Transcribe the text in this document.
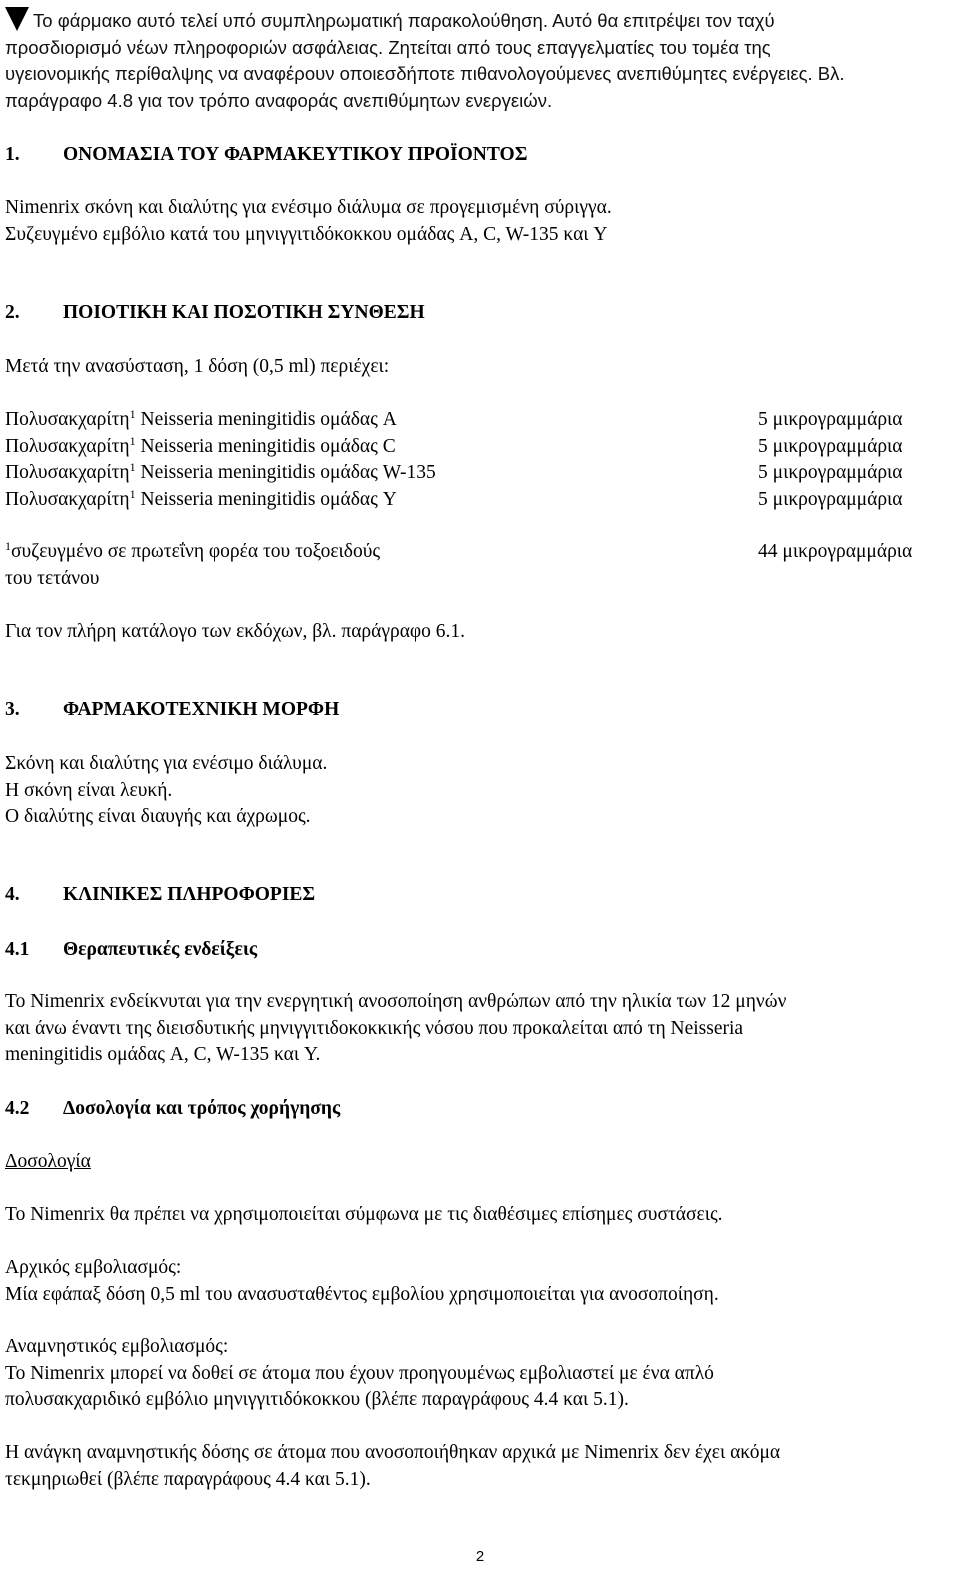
Το φάρμακο αυτό τελεί υπό συμπληρωματική παρακολούθηση. Αυτό θα επιτρέψει τον ταχύ
προσδιορισμό νέων πληροφοριών ασφάλειας. Ζητείται από τους επαγγελματίες του τομέα της
υγειονομικής περίθαλψης να αναφέρουν οποιεσδήποτε πιθανολογούμενες ανεπιθύμητες ενέργειες. Βλ.
παράγραφο 4.8 για τον τρόπο αναφοράς ανεπιθύμητων ενεργειών.
1. ΟΝΟΜΑΣΙΑ ΤΟΥ ΦΑΡΜΑΚΕΥΤΙΚΟΥ ΠΡΟΪΟΝΤΟΣ
Nimenrix σκόνη και διαλύτης για ενέσιμο διάλυμα σε προγεμισμένη σύριγγα.
Συζευγμένο εμβόλιο κατά του μηνιγγιτιδόκοκκου ομάδας A, C, W-135 και Y
2. ΠΟΙΟΤΙΚΗ ΚΑΙ ΠΟΣΟΤΙΚΗ ΣΥΝΘΕΣΗ
Μετά την ανασύσταση, 1 δόση (0,5 ml) περιέχει:
Πολυσακχαρίτη$^1$ Neisseria meningitidis ομάδας A	5 μικρογραμμάρια
Πολυσακχαρίτη$^1$ Neisseria meningitidis ομάδας C	5 μικρογραμμάρια
Πολυσακχαρίτη$^1$ Neisseria meningitidis ομάδας W-135	5 μικρογραμμάρια
Πολυσακχαρίτη$^1$ Neisseria meningitidis ομάδας Y	5 μικρογραμμάρια
$^1$συζευγμένο σε πρωτεΐνη φορέα του τοξοειδούς	44 μικρογραμμάρια
του τετάνου
Για τον πλήρη κατάλογο των εκδόχων, βλ. παράγραφο 6.1.
3. ΦΑΡΜΑΚΟΤΕΧΝΙΚΗ ΜΟΡΦΗ
Σκόνη και διαλύτης για ενέσιμο διάλυμα.
Η σκόνη είναι λευκή.
Ο διαλύτης είναι διαυγής και άχρωμος.
4. ΚΛΙΝΙΚΕΣ ΠΛΗΡΟΦΟΡΙΕΣ
4.1 Θεραπευτικές ενδείξεις
Το Nimenrix ενδείκνυται για την ενεργητική ανοσοποίηση ανθρώπων από την ηλικία των 12 μηνών
και άνω έναντι της διεισδυτικής μηνιγγιτιδοκοκκικής νόσου που προκαλείται από τη Neisseria
meningitidis ομάδας A, C, W-135 και Y.
4.2 Δοσολογία και τρόπος χορήγησης
Δοσολογία
Το Nimenrix θα πρέπει να χρησιμοποιείται σύμφωνα με τις διαθέσιμες επίσημες συστάσεις.
Αρχικός εμβολιασμός:
Μία εφάπαξ δόση 0,5 ml του ανασυσταθέντος εμβολίου χρησιμοποιείται για ανοσοποίηση.
Αναμνηστικός εμβολιασμός:
Το Nimenrix μπορεί να δοθεί σε άτομα που έχουν προηγουμένως εμβολιαστεί με ένα απλό
πολυσακχαριδικό εμβόλιο μηνιγγιτιδόκοκκου (βλέπε παραγράφους 4.4 και 5.1).
Η ανάγκη αναμνηστικής δόσης σε άτομα που ανοσοποιήθηκαν αρχικά με Nimenrix δεν έχει ακόμα
τεκμηριωθεί (βλέπε παραγράφους 4.4 και 5.1).
2
